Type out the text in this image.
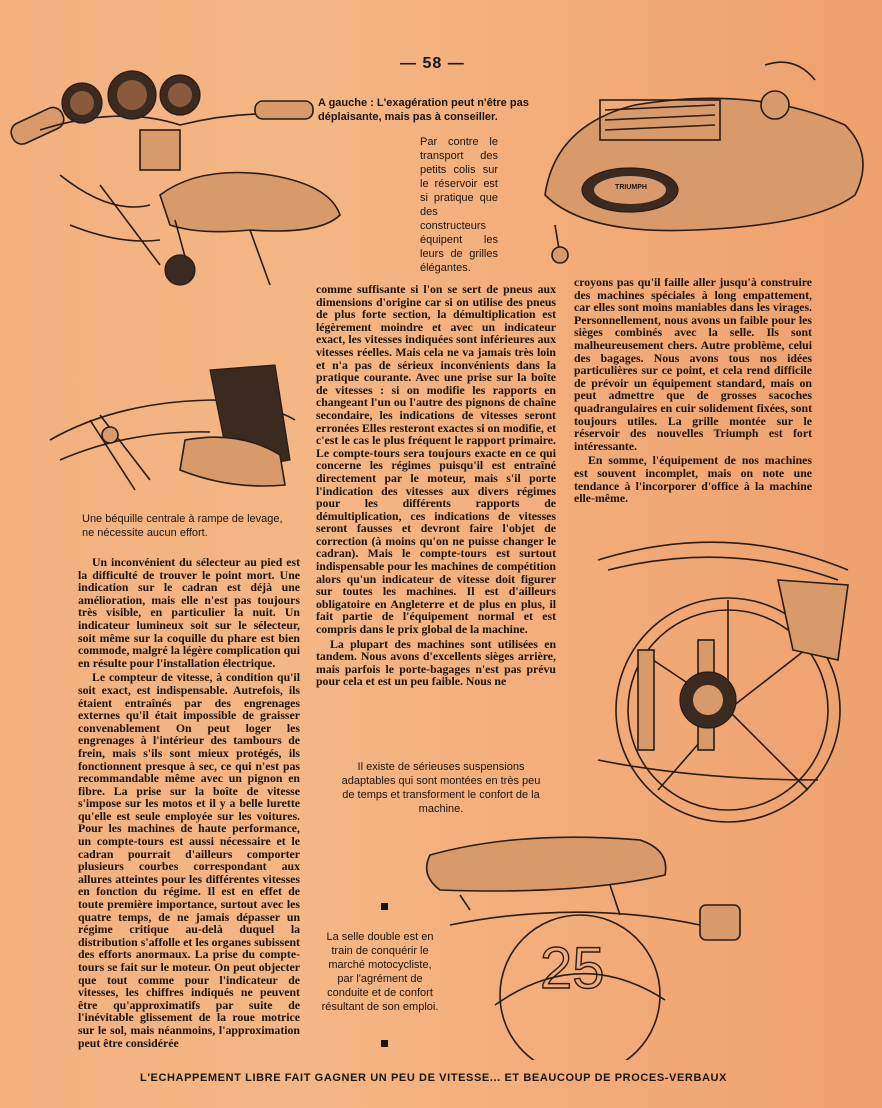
— 58 —
A gauche : L'exagération peut n'être pas déplaisante, mais pas à conseiller.
Par contre le transport des petits colis sur le réservoir est si pratique que des constructeurs équipent les leurs de grilles élégantes.
TRIUMPH
Une béquille centrale à rampe de levage, ne nécessite aucun effort.

Un inconvénient du sélecteur au pied est la difficulté de trouver le point mort. Une indication sur le cadran est déjà une amélioration, mais elle n'est pas toujours très visible, en particulier la nuit. Un indicateur lumineux soit sur le sélecteur, soit même sur la coquille du phare est bien commode, malgré la légère complication qui en résulte pour l'installation électrique.

Le compteur de vitesse, à condition qu'il soit exact, est indispensable. Autrefois, ils étaient entraînés par des engrenages externes qu'il était impossible de graisser convenablement On peut loger les engrenages à l'intérieur des tambours de frein, mais s'ils sont mieux protégés, ils fonctionnent presque à sec, ce qui n'est pas recommandable même avec un pignon en fibre. La prise sur la boîte de vitesse s'impose sur les motos et il y a belle lurette qu'elle est seule employée sur les voitures. Pour les machines de haute performance, un compte-tours est aussi nécessaire et le cadran pourrait d'ailleurs comporter plusieurs courbes correspondant aux allures atteintes pour les différentes vitesses en fonction du régime. Il est en effet de toute première importance, surtout avec les quatre temps, de ne jamais dépasser un régime critique au-delà duquel la distribution s'affolle et les organes subissent des efforts anormaux. La prise du compte-tours se fait sur le moteur. On peut objecter que tout comme pour l'indicateur de vitesses, les chiffres indiqués ne peuvent être qu'approximatifs par suite de l'inévitable glissement de la roue motrice sur le sol, mais néanmoins, l'approximation peut être considérée

comme suffisante si l'on se sert de pneus aux dimensions d'origine car si on utilise des pneus de plus forte section, la démultiplication est légèrement moindre et avec un indicateur exact, les vitesses indiquées sont inférieures aux vitesses réelles. Mais cela ne va jamais très loin et n'a pas de sérieux inconvénients dans la pratique courante. Avec une prise sur la boîte de vitesses : si on modifie les rapports en changeant l'un ou l'autre des pignons de chaîne secondaire, les indications de vitesses seront erronées Elles resteront exactes si on modifie, et c'est le cas le plus fréquent le rapport primaire. Le compte-tours sera toujours exacte en ce qui concerne les régimes puisqu'il est entraîné directement par le moteur, mais s'il porte l'indication des vitesses aux divers régimes pour les différents rapports de démultiplication, ces indications de vitesses seront fausses et devront faire l'objet de correction (à moins qu'on ne puisse changer le cadran). Mais le compte-tours est surtout indispensable pour les machines de compétition alors qu'un indicateur de vitesse doit figurer sur toutes les machines. Il est d'ailleurs obligatoire en Angleterre et de plus en plus, il fait partie de l'équipement normal et est compris dans le prix global de la machine.

La plupart des machines sont utilisées en tandem. Nous avons d'excellents sièges arrière, mais parfois le porte-bagages n'est pas prévu pour cela et est un peu faible. Nous ne

croyons pas qu'il faille aller jusqu'à construire des machines spéciales à long empattement, car elles sont moins maniables dans les virages. Personnellement, nous avons un faible pour les sièges combinés avec la selle. Ils sont malheureusement chers. Autre problème, celui des bagages. Nous avons tous nos idées particulières sur ce point, et cela rend difficile de prévoir un équipement standard, mais on peut admettre que de grosses sacoches quadrangulaires en cuir solidement fixées, sont toujours utiles. La grille montée sur le réservoir des nouvelles Triumph est fort intéressante.

En somme, l'équipement de nos machines est souvent incomplet, mais on note une tendance à l'incorporer d'office à la machine elle-même.

Il existe de sérieuses suspensions adaptables qui sont montées en très peu de temps et transforment le confort de la machine.
25
La selle double est en train de conquérir le marché motocycliste, par l'agrément de conduite et de confort résultant de son emploi.
L'ECHAPPEMENT LIBRE FAIT GAGNER UN PEU DE VITESSE... ET BEAUCOUP DE PROCES-VERBAUX
